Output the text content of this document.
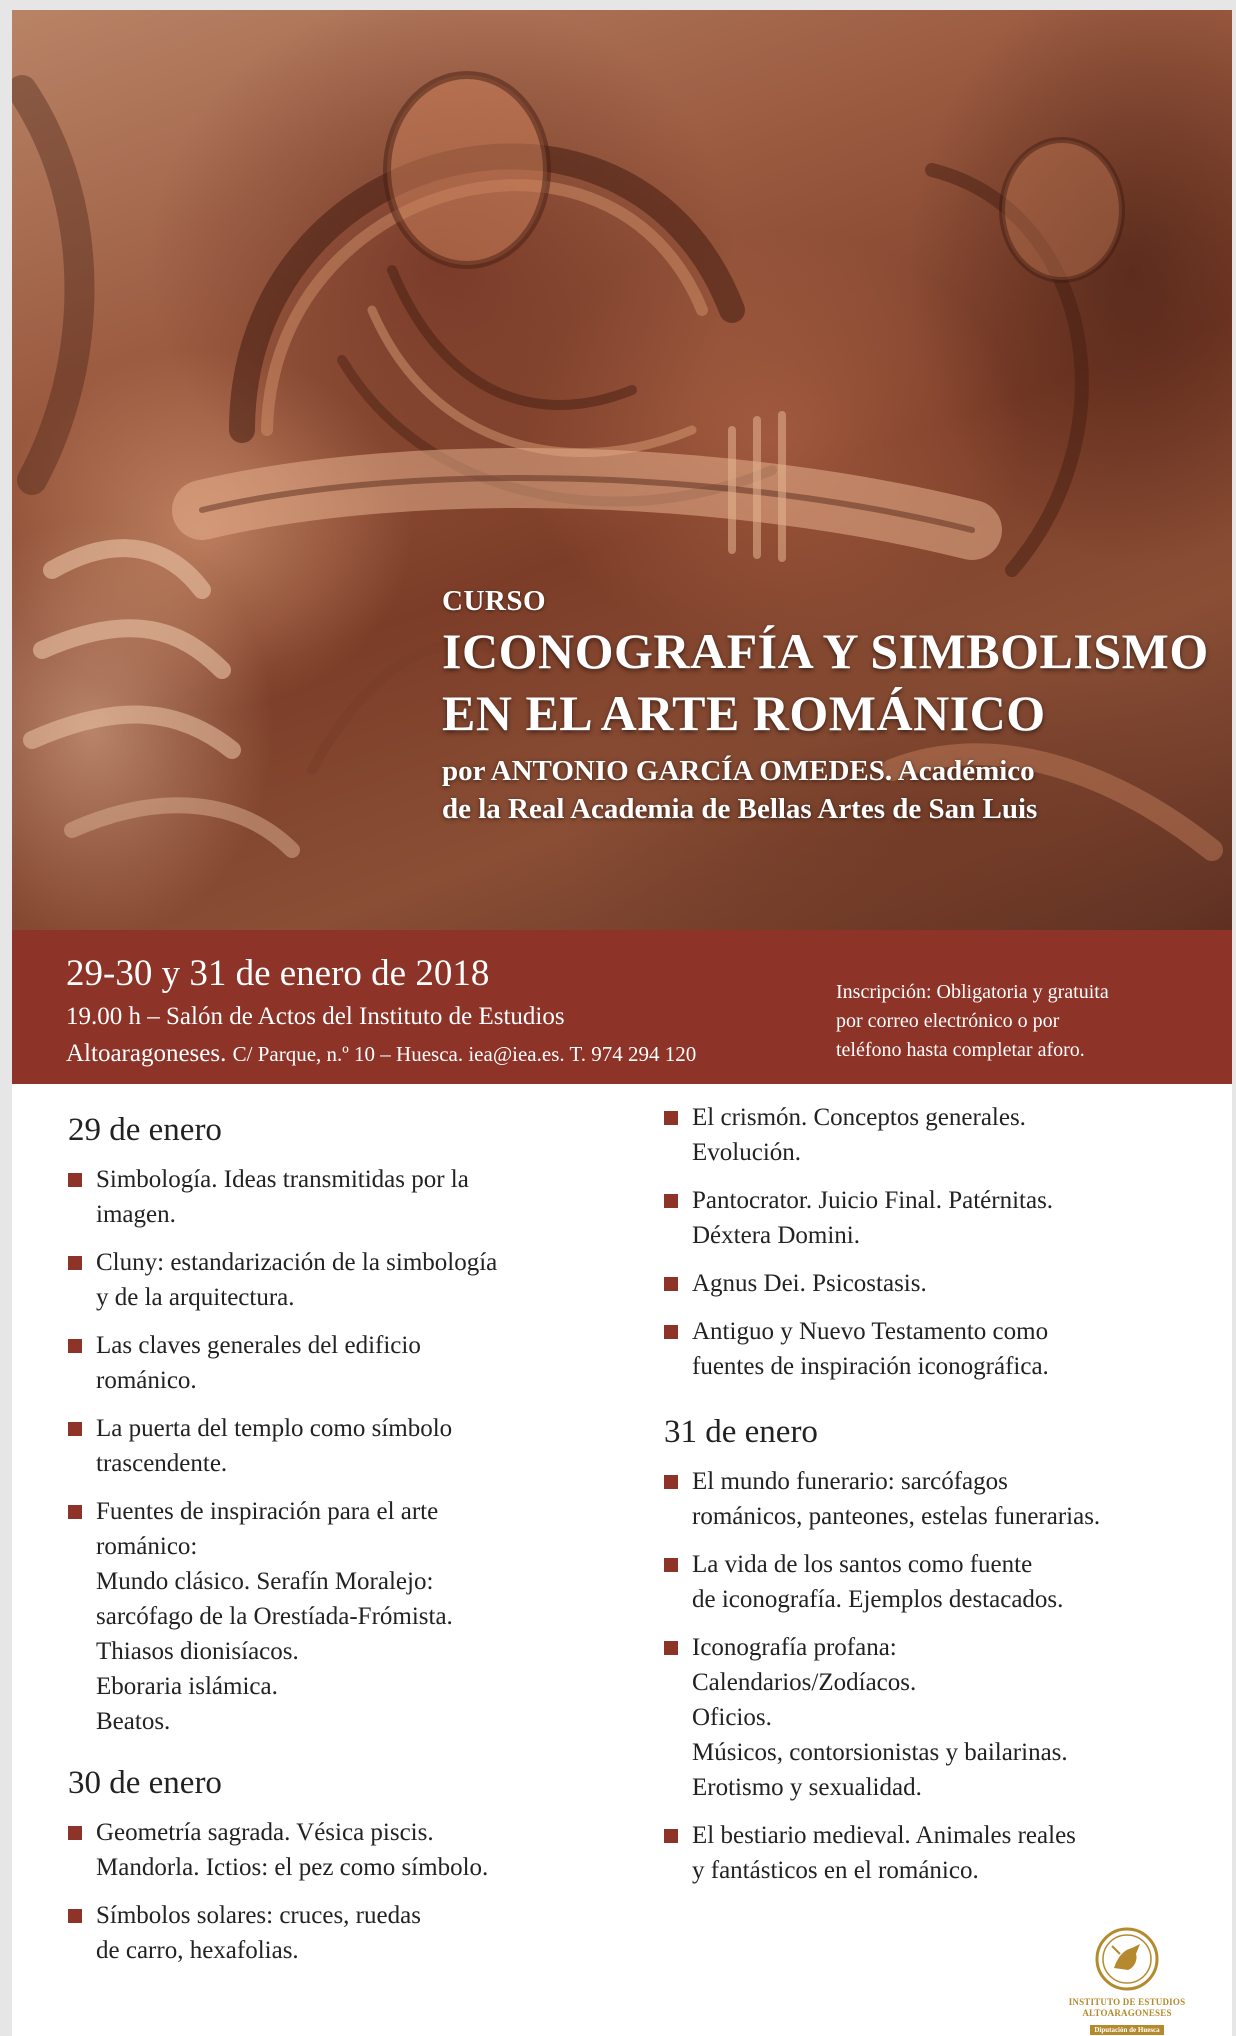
CURSO
ICONOGRAFÍA Y SIMBOLISMO
EN EL ARTE ROMÁNICO
por ANTONIO GARCÍA OMEDES. Académico
de la Real Academia de Bellas Artes de San Luis
29-30 y 31 de enero de 2018
19.00 h – Salón de Actos del Instituto de Estudios
Altoaragoneses. C/ Parque, n.º 10 – Huesca. iea@iea.es. T. 974 294 120
Inscripción: Obligatoria y gratuita
por correo electrónico o por
teléfono hasta completar aforo.
29 de enero
Simbología. Ideas transmitidas por la
imagen.
Cluny: estandarización de la simbología
y de la arquitectura.
Las claves generales del edificio
románico.
La puerta del templo como símbolo
trascendente.
Fuentes de inspiración para el arte
románico:
Mundo clásico. Serafín Moralejo:
sarcófago de la Orestíada-Frómista.
Thiasos dionisíacos.
Eboraria islámica.
Beatos.
30 de enero
Geometría sagrada. Vésica piscis.
Mandorla. Ictios: el pez como símbolo.
Símbolos solares: cruces, ruedas
de carro, hexafolias.
El crismón. Conceptos generales.
Evolución.
Pantocrator. Juicio Final. Patérnitas.
Déxtera Domini.
Agnus Dei. Psicostasis.
Antiguo y Nuevo Testamento como
fuentes de inspiración iconográfica.
31 de enero
El mundo funerario: sarcófagos
románicos, panteones, estelas funerarias.
La vida de los santos como fuente
de iconografía. Ejemplos destacados.
Iconografía profana:
Calendarios/Zodíacos.
Oficios.
Músicos, contorsionistas y bailarinas.
Erotismo y sexualidad.
El bestiario medieval. Animales reales
y fantásticos en el románico.
INSTITUTO DE ESTUDIOS
ALTOARAGONESES
Diputación de Huesca
